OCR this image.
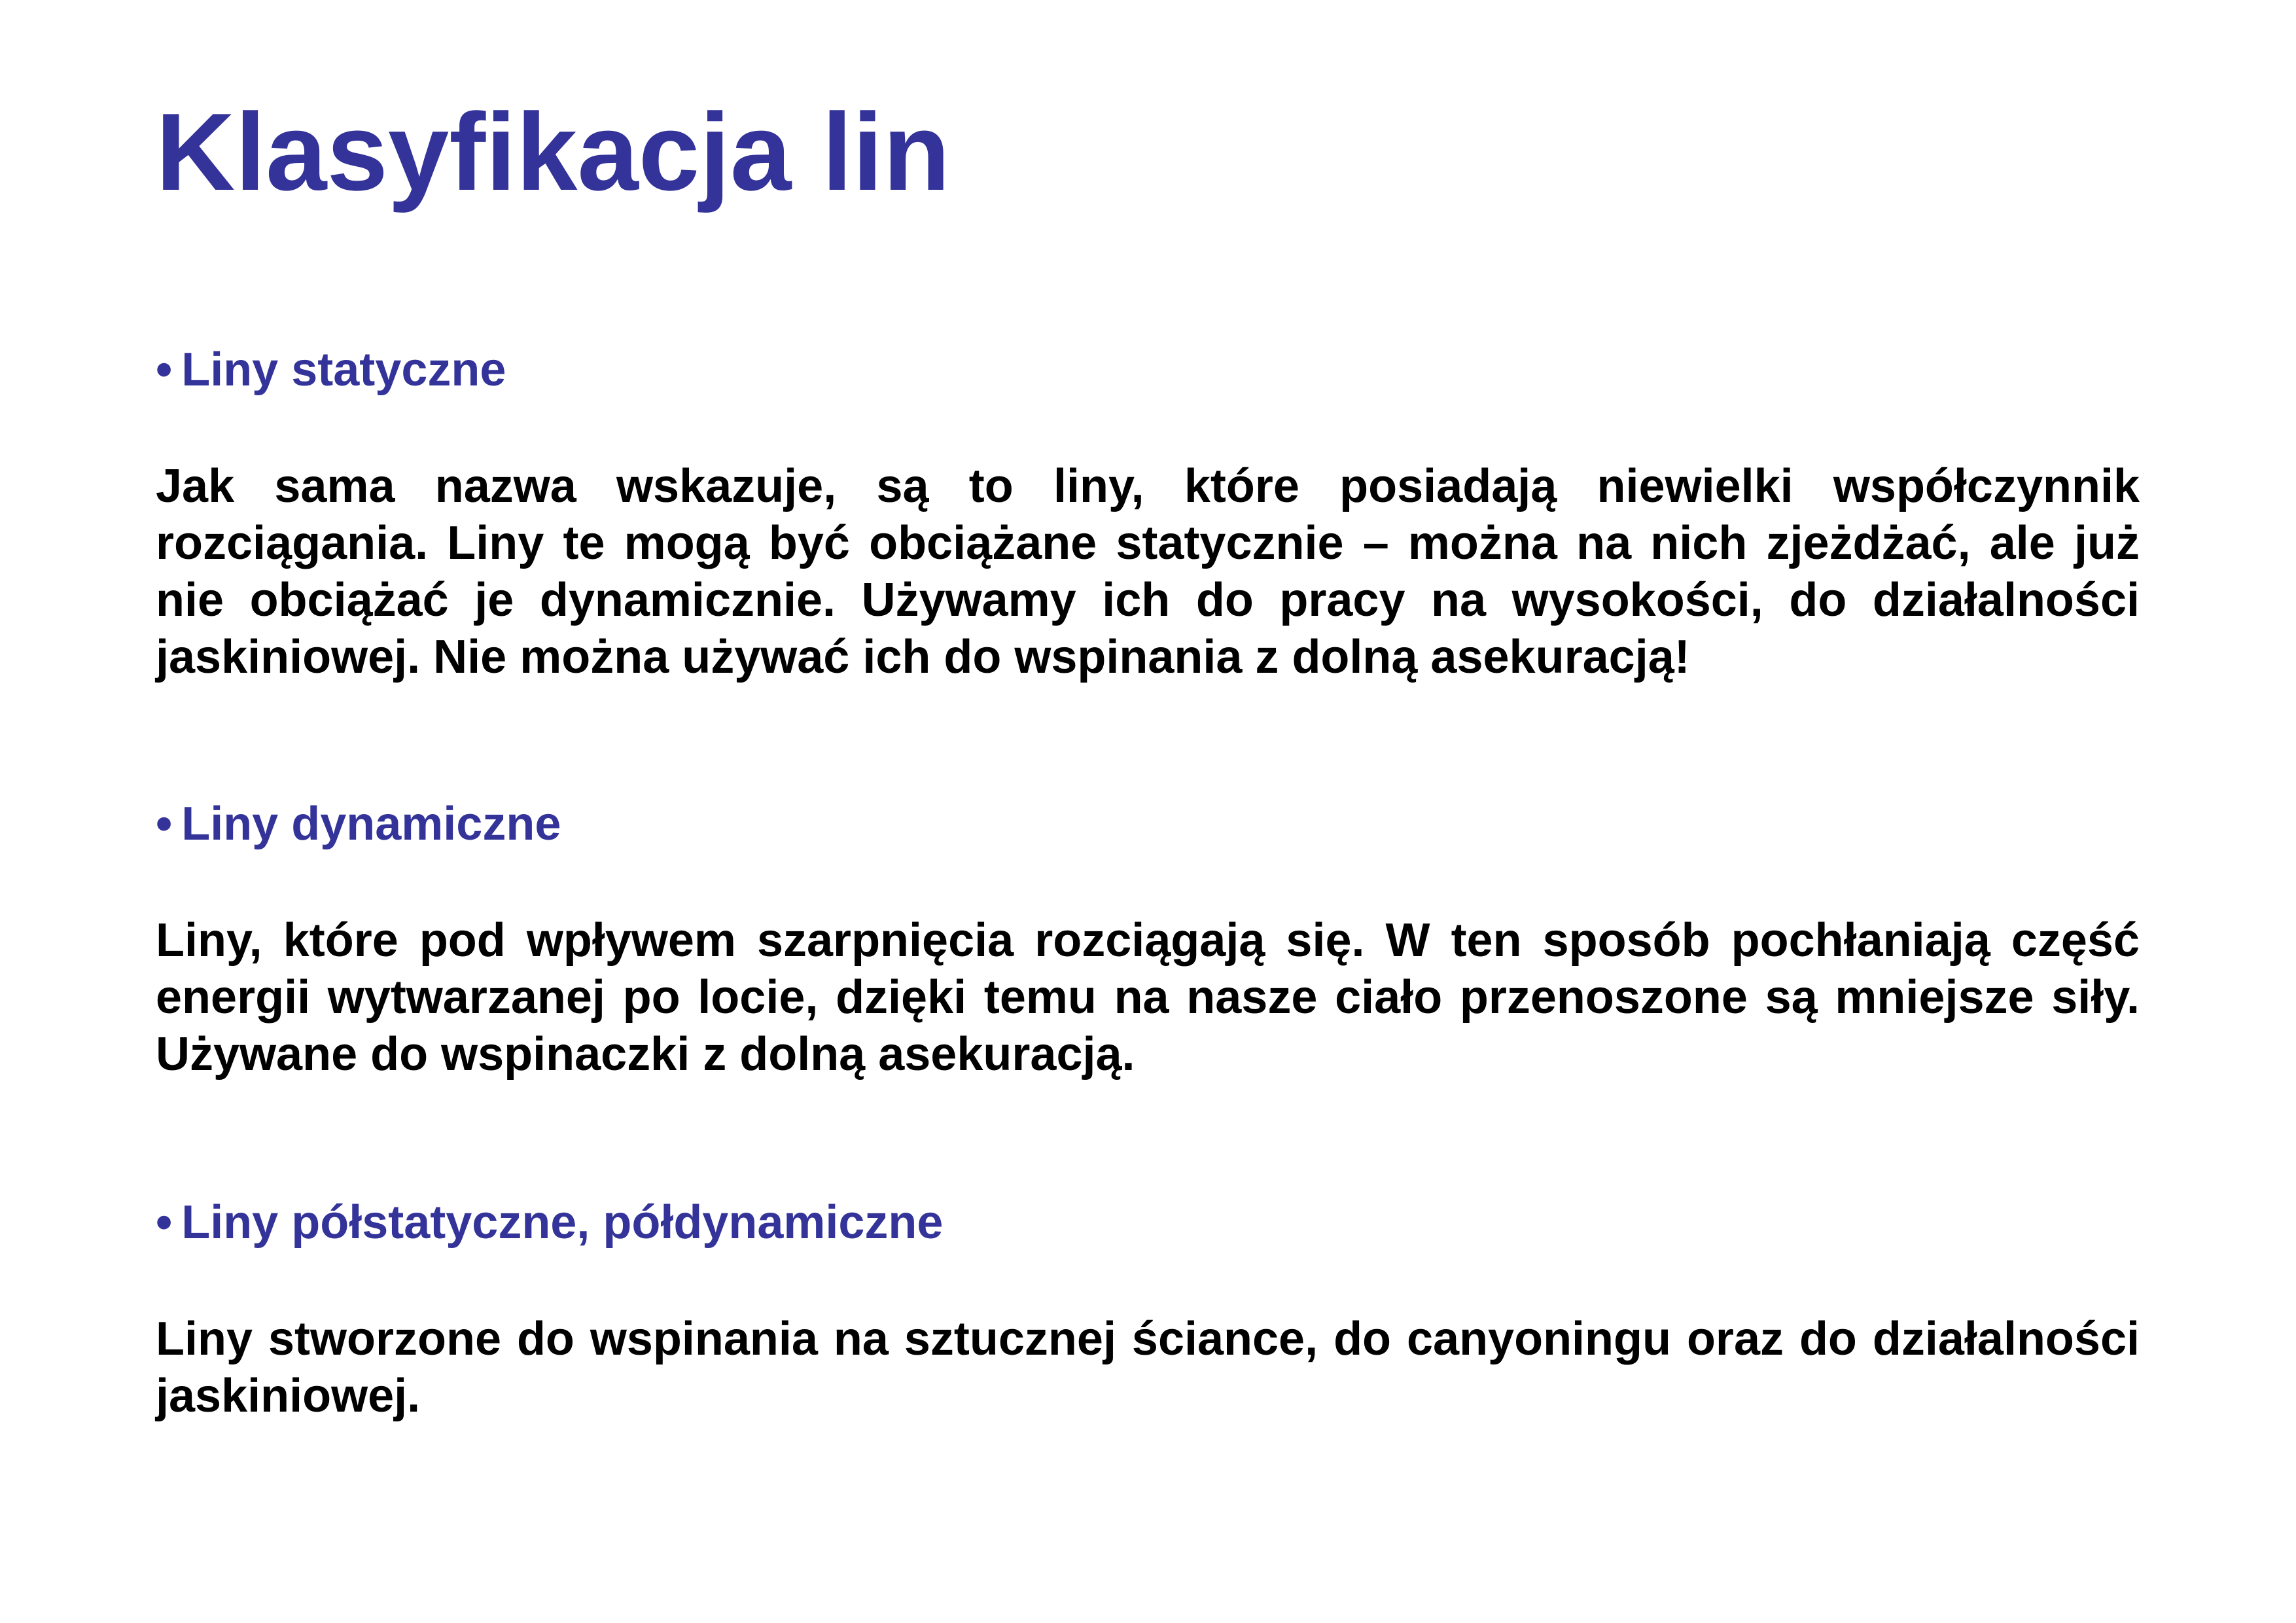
Klasyfikacja lin
• Liny statyczne

Jak sama nazwa wskazuje, są to liny, które posiadają niewielki współczynnik rozciągania. Liny te mogą być obciążane statycznie – można na nich zjeżdżać, ale już nie obciążać je dynamicznie. Używamy ich do pracy na wysokości, do działalności jaskiniowej. Nie można używać ich do wspinania z dolną asekuracją!

• Liny dynamiczne

Liny, które pod wpływem szarpnięcia rozciągają się. W ten sposób pochłaniają część energii wytwarzanej po locie, dzięki temu na nasze ciało przenoszone są mniejsze siły. Używane do wspinaczki z dolną asekuracją.

• Liny półstatyczne, półdynamiczne

Liny stworzone do wspinania na sztucznej ściance, do canyoningu oraz do działalności jaskiniowej.
